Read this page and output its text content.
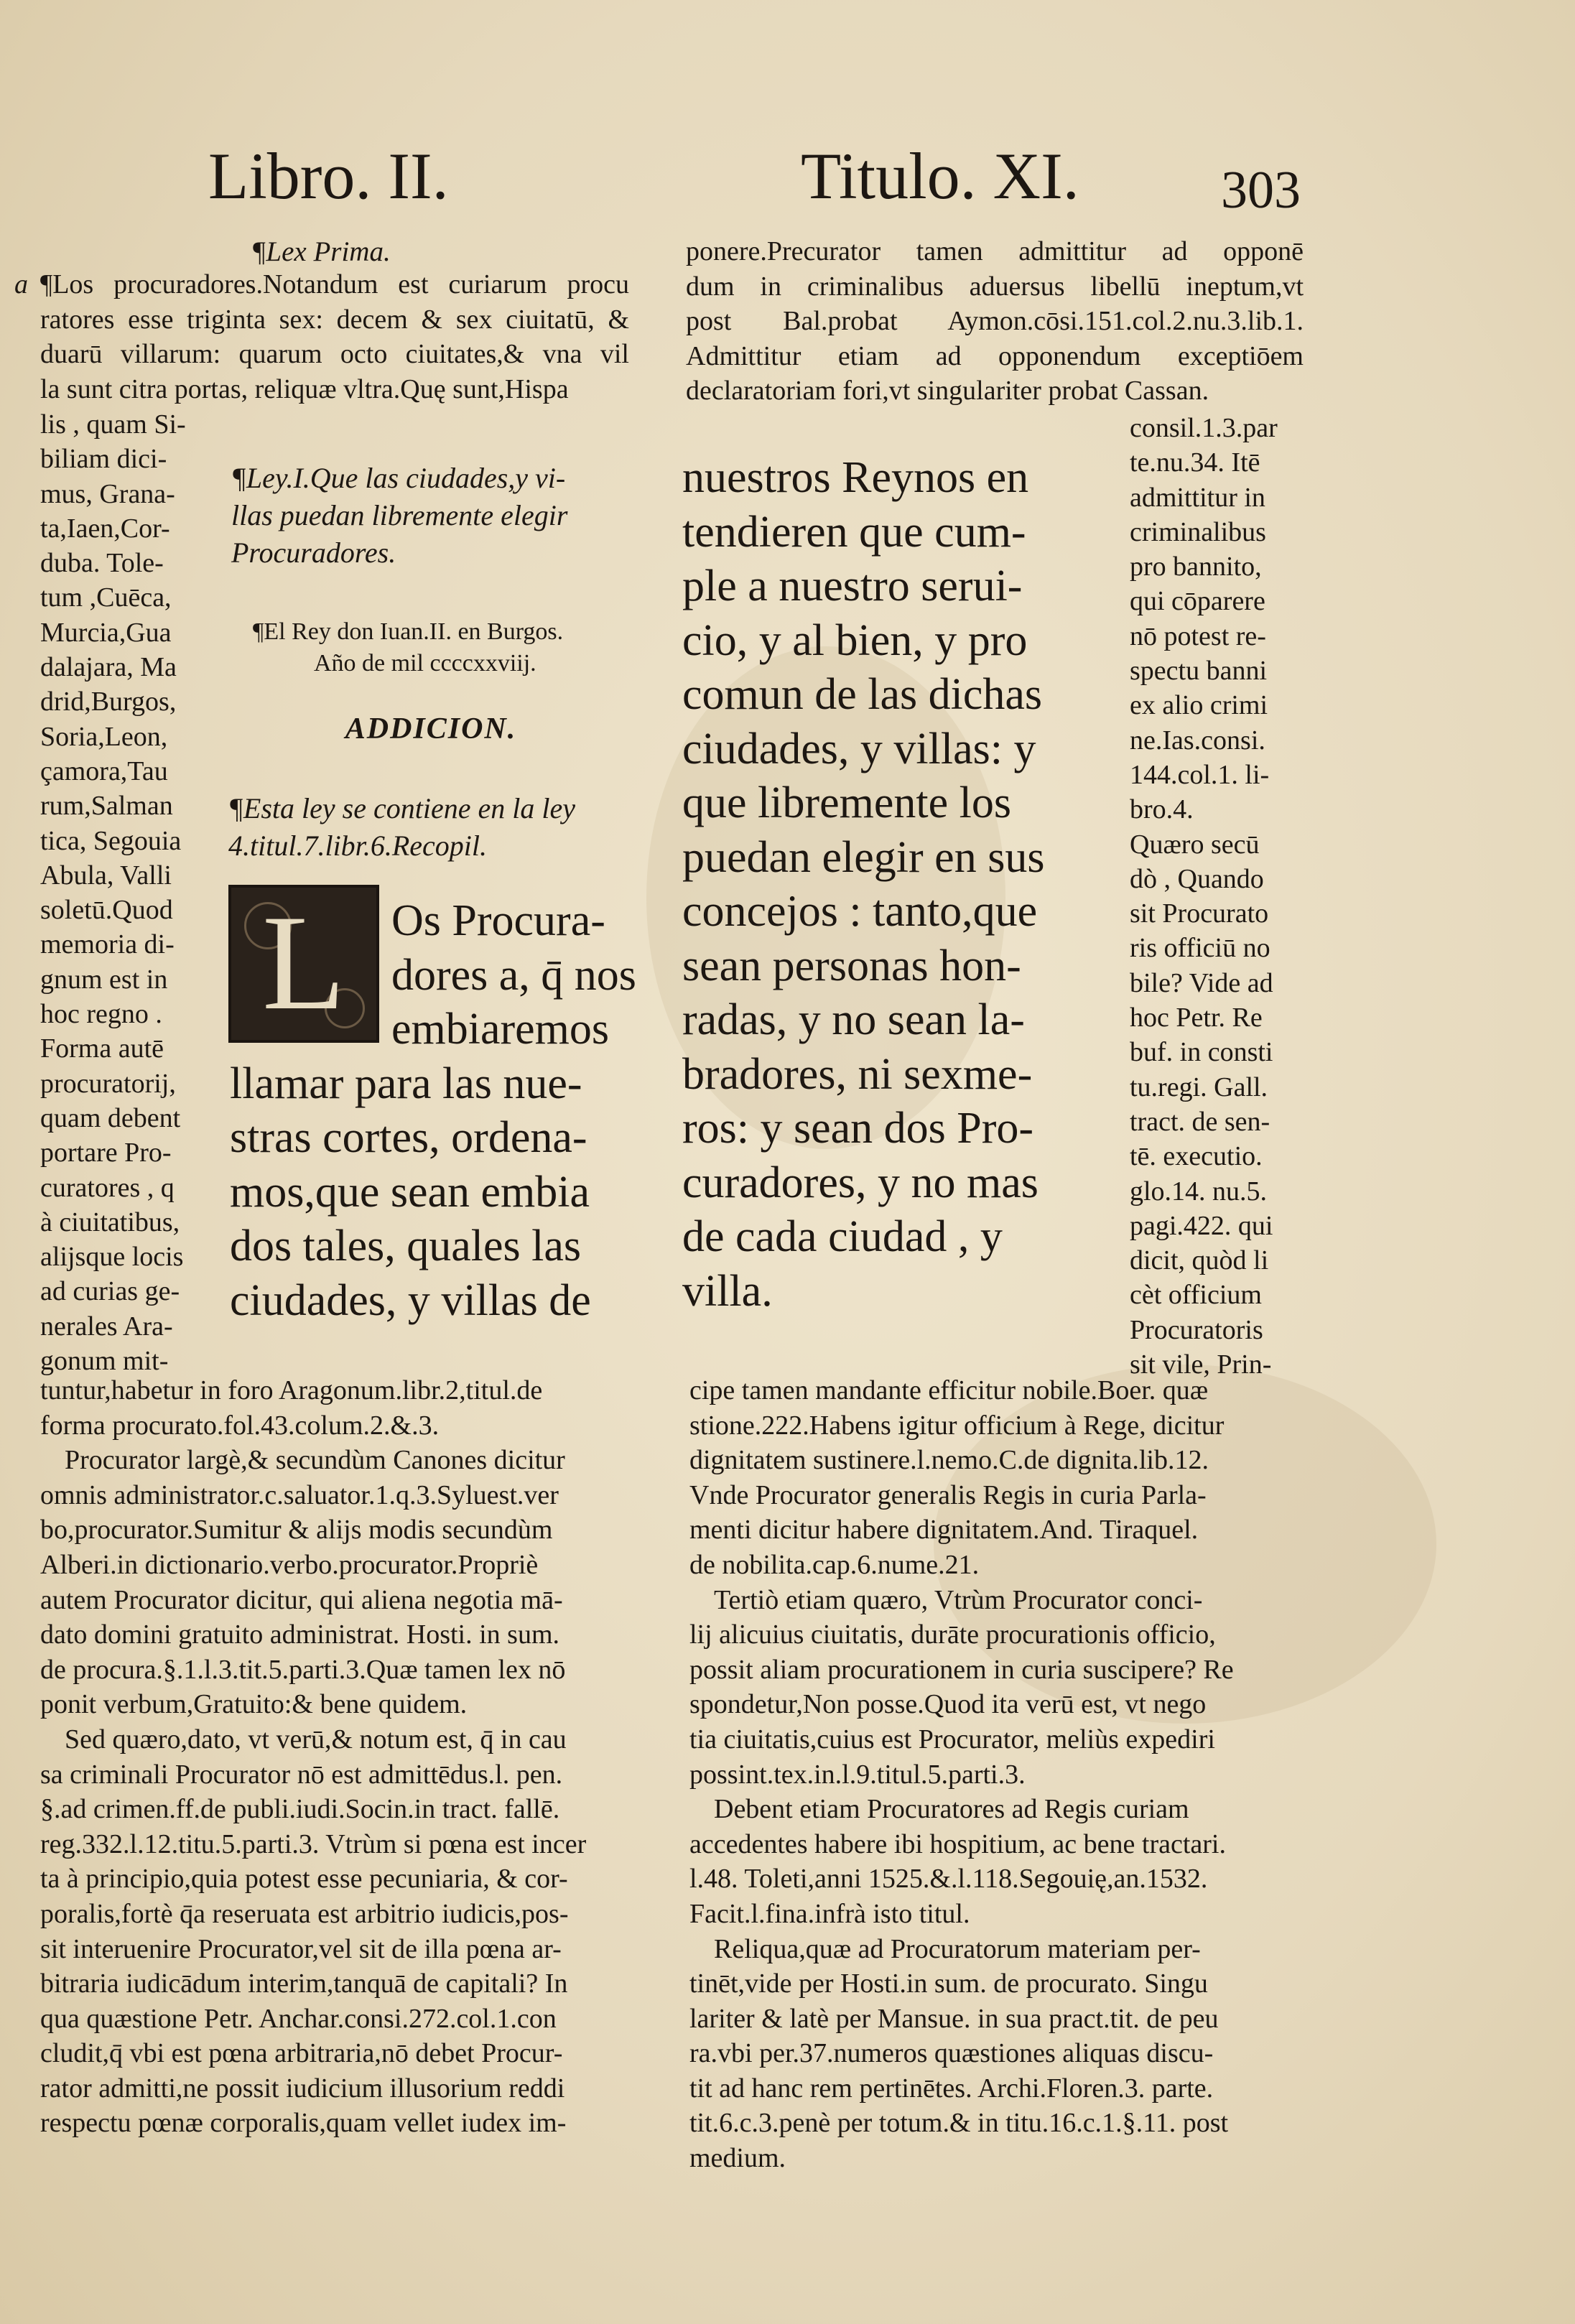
Libro. II.	Titulo. XI.	303
¶Lex Prima.
a ¶Los procuradores.Notandum est curiarum procu
ratores esse triginta sex: decem & sex ciuitatū, &
duarū villarum: quarum octo ciuitates,& vna vil
la sunt citra portas, reliquæ vltra.Quę sunt,Hispa
lis , quam Si-
biliam dici-
mus, Grana-
ta,Iaen,Cor-
duba. Tole-
tum ,Cuēca,
Murcia,Gua
dalajara, Ma
drid,Burgos,
Soria,Leon,
çamora,Tau
rum,Salman
tica, Segouia
Abula, Valli
soletū.Quod
memoria di-
gnum est in
hoc regno .
Forma autē
procuratorij,
quam debent
portare Pro-
curatores , q
à ciuitatibus,
alijsque locis
ad curias ge-
nerales Ara-
gonum mit-
¶Ley.I.Que las ciudades,y vi-
llas puedan libremente elegir
Procuradores.
¶El Rey don Iuan.II. en Burgos.
Año de mil ccccxxviij.
ADDICION.
¶Esta ley se contiene en la ley
4.titul.7.libr.6.Recopil.
L	Os Procura-
dores a, q̄ nos
embiaremos
llamar para las nue-
stras cortes, ordena-
mos,que sean embia
dos tales, quales las
ciudades, y villas de
ponere.Precurator tamen admittitur ad opponē
dum in criminalibus aduersus libellū ineptum,vt
post Bal.probat Aymon.cōsi.151.col.2.nu.3.lib.1.
Admittitur etiam ad opponendum exceptiōem
declaratoriam fori,vt singulariter probat Cassan.
nuestros Reynos en
tendieren que cum-
ple a nuestro serui-
cio, y al bien, y pro
comun de las dichas
ciudades, y villas: y
que libremente los
puedan elegir en sus
concejos : tanto,que
sean personas hon-
radas, y no sean la-
bradores, ni sexme-
ros: y sean dos Pro-
curadores, y no mas
de cada ciudad , y
villa.
consil.1.3.par
te.nu.34. Itē
admittitur in
criminalibus
pro bannito,
qui cōparere
nō potest re-
spectu banni
ex alio crimi
ne.Ias.consi.
144.col.1. li-
bro.4.
Quæro secū
dò , Quando
sit Procurato
ris officiū no
bile? Vide ad
hoc Petr. Re
buf. in consti
tu.regi. Gall.
tract. de sen-
tē. executio.
glo.14. nu.5.
pagi.422. qui
dicit, quòd li
cèt officium
Procuratoris
sit vile, Prin-
tuntur,habetur in foro Aragonum.libr.2,titul.de
forma procurato.fol.43.colum.2.&.3.
Procurator largè,& secundùm Canones dicitur
omnis administrator.c.saluator.1.q.3.Syluest.ver
bo,procurator.Sumitur & alijs modis secundùm
Alberi.in dictionario.verbo.procurator.Propriè
autem Procurator dicitur, qui aliena negotia mā-
dato domini gratuito administrat. Hosti. in sum.
de procura.§.1.l.3.tit.5.parti.3.Quæ tamen lex nō
ponit verbum,Gratuito:& bene quidem.
Sed quæro,dato, vt verū,& notum est, q̄ in cau
sa criminali Procurator nō est admittēdus.l. pen.
§.ad crimen.ff.de publi.iudi.Socin.in tract. fallē.
reg.332.l.12.titu.5.parti.3. Vtrùm si pœna est incer
ta à principio,quia potest esse pecuniaria, & cor-
poralis,fortè q̄a reseruata est arbitrio iudicis,pos-
sit interuenire Procurator,vel sit de illa pœna ar-
bitraria iudicādum interim,tanquā de capitali? In
qua quæstione Petr. Anchar.consi.272.col.1.con
cludit,q̄ vbi est pœna arbitraria,nō debet Procur-
rator admitti,ne possit iudicium illusorium reddi
respectu pœnæ corporalis,quam vellet iudex im-
cipe tamen mandante efficitur nobile.Boer. quæ
stione.222.Habens igitur officium à Rege, dicitur
dignitatem sustinere.l.nemo.C.de dignita.lib.12.
Vnde Procurator generalis Regis in curia Parla-
menti dicitur habere dignitatem.And. Tiraquel.
de nobilita.cap.6.nume.21.
Tertiò etiam quæro, Vtrùm Procurator conci-
lij alicuius ciuitatis, durāte procurationis officio,
possit aliam procurationem in curia suscipere? Re
spondetur,Non posse.Quod ita verū est, vt nego
tia ciuitatis,cuius est Procurator, meliùs expediri
possint.tex.in.l.9.titul.5.parti.3.
Debent etiam Procuratores ad Regis curiam
accedentes habere ibi hospitium, ac bene tractari.
l.48. Toleti,anni 1525.&.l.118.Segouię,an.1532.
Facit.l.fina.infrà isto titul.
Reliqua,quæ ad Procuratorum materiam per-
tinēt,vide per Hosti.in sum. de procurato. Singu
lariter & latè per Mansue. in sua pract.tit. de peu
ra.vbi per.37.numeros quæstiones aliquas discu-
tit ad hanc rem pertinētes. Archi.Floren.3. parte.
tit.6.c.3.penè per totum.& in titu.16.c.1.§.11. post
medium.
